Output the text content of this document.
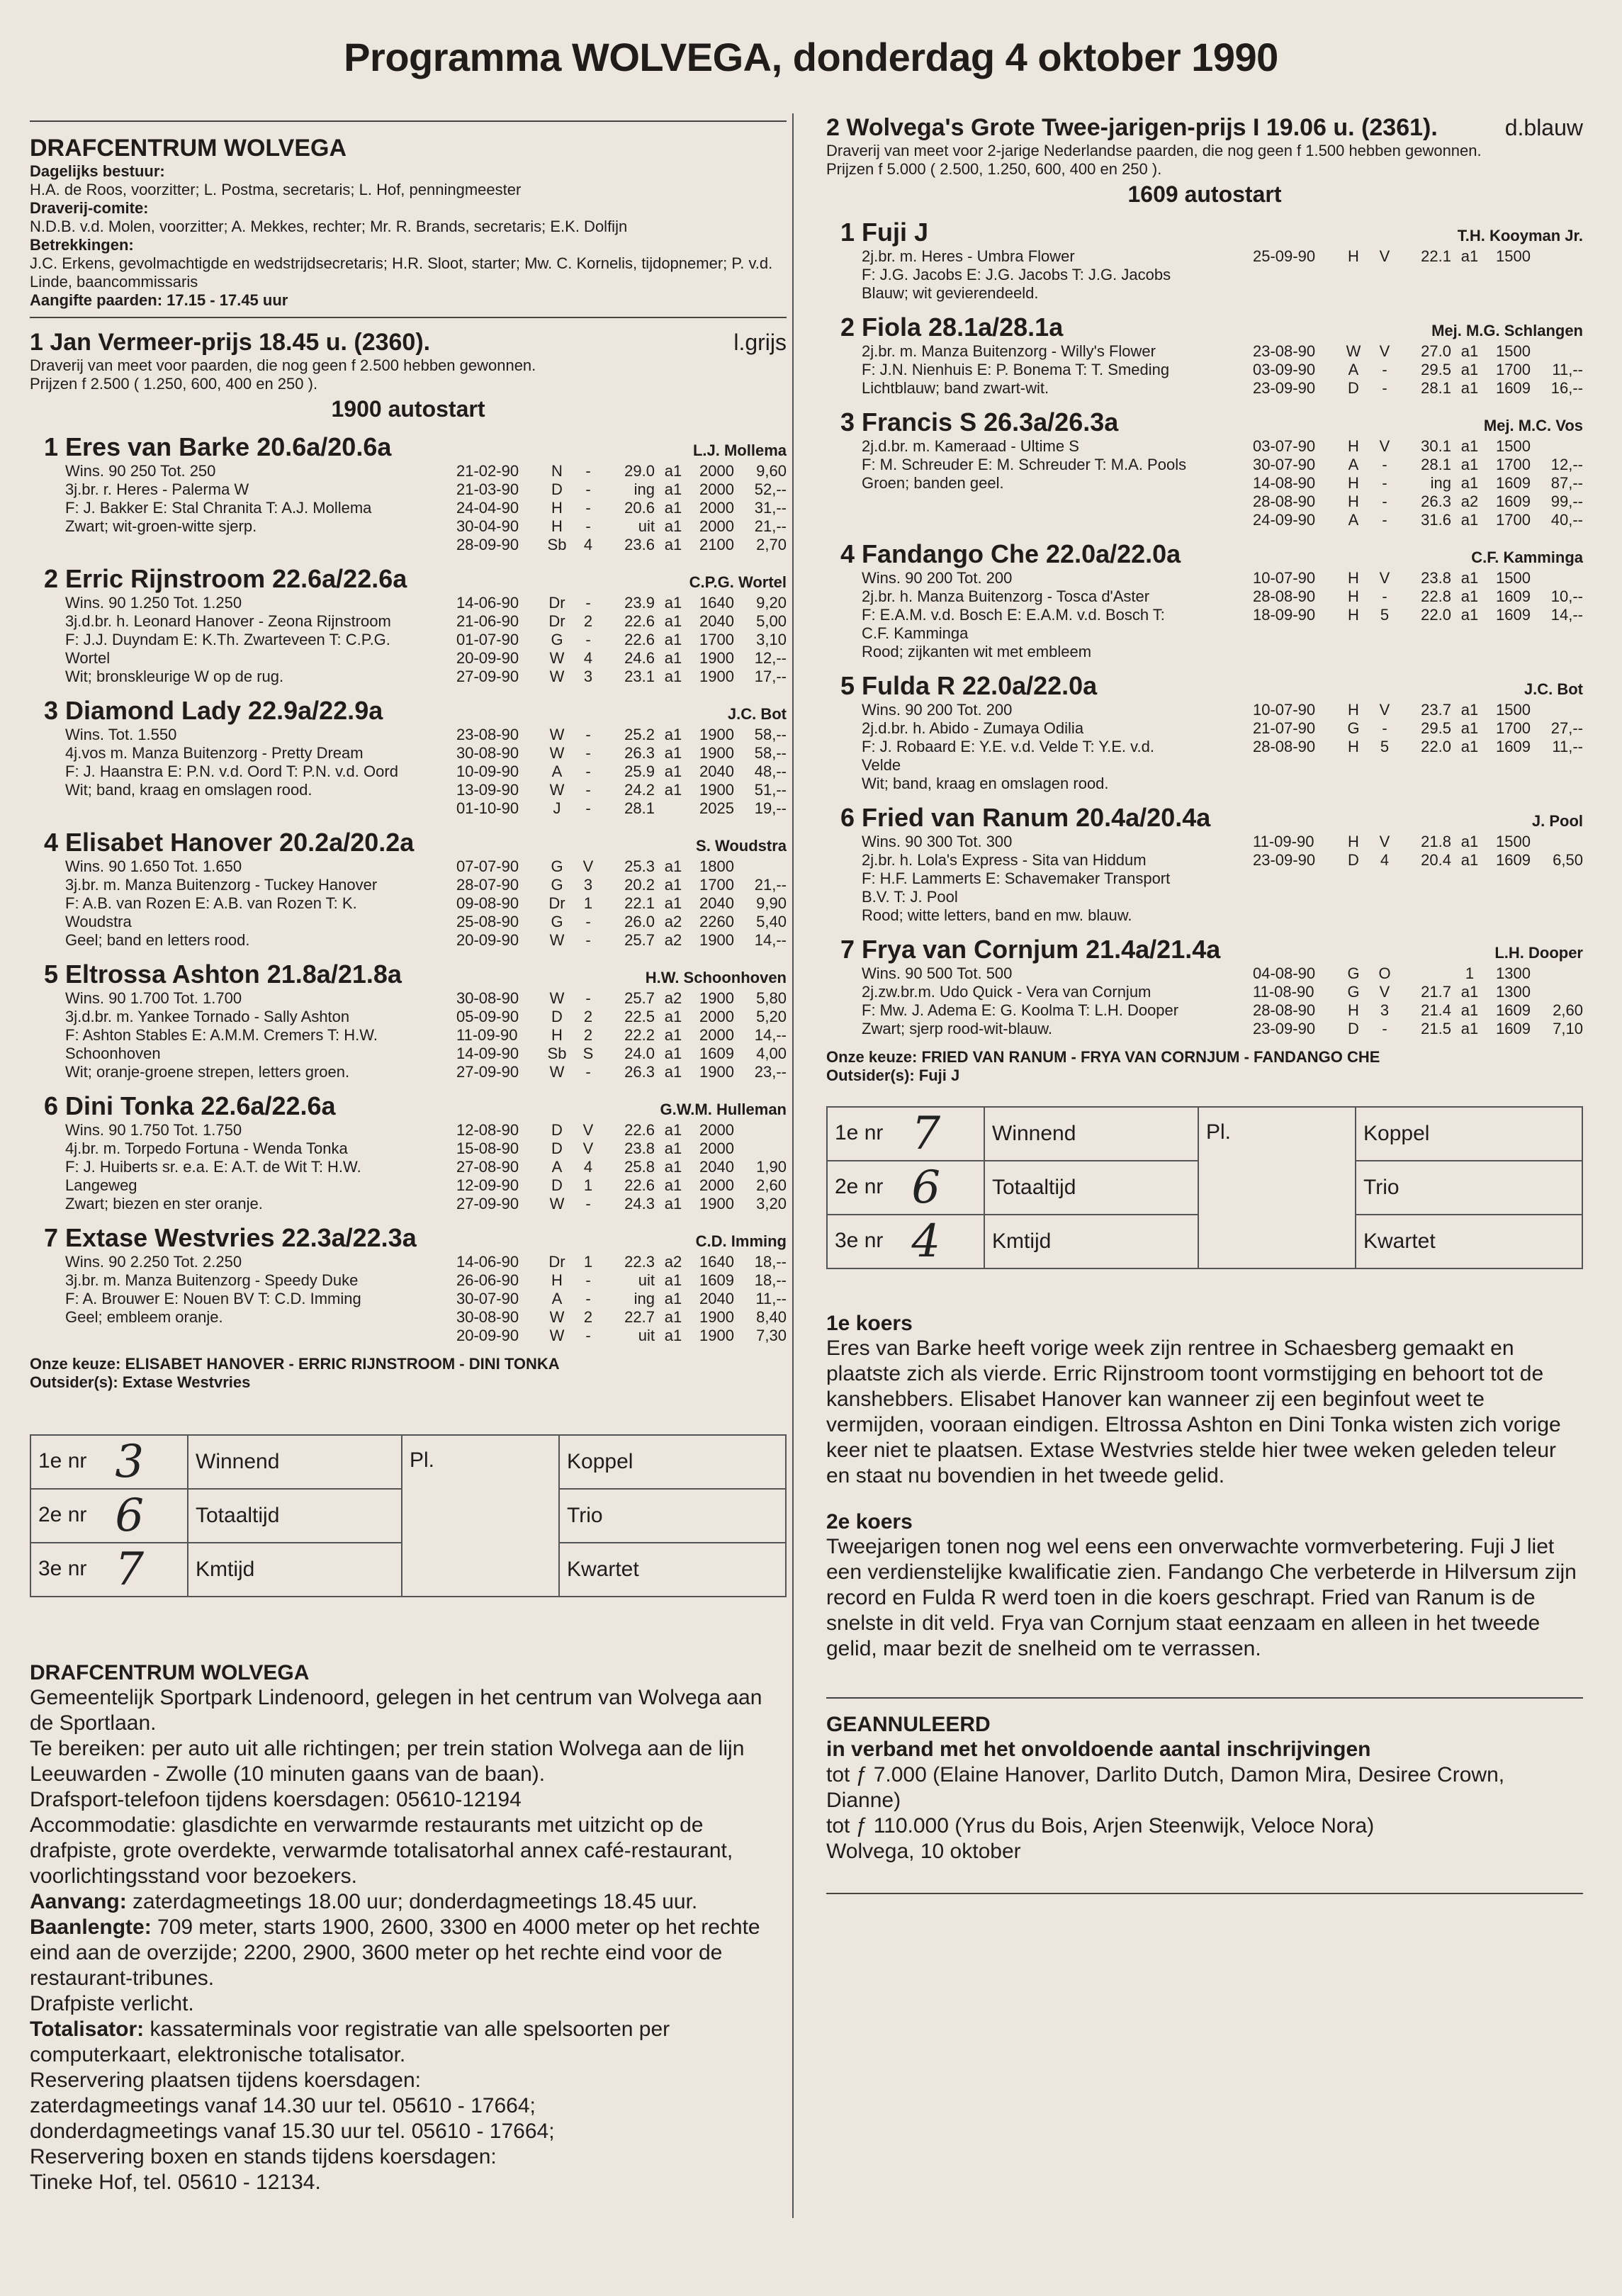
Programma WOLVEGA, donderdag 4 oktober 1990
DRAFCENTRUM WOLVEGA
Dagelijks bestuur:
H.A. de Roos, voorzitter; L. Postma, secretaris; L. Hof, penningmeester
Draverij-comite:
N.D.B. v.d. Molen, voorzitter; A. Mekkes, rechter; Mr. R. Brands, secretaris; E.K. Dolfijn
Betrekkingen:
J.C. Erkens, gevolmachtigde en wedstrijdsecretaris; H.R. Sloot, starter; Mw. C. Kornelis, tijdopnemer; P. v.d. Linde, baancommissaris
Aangifte paarden: 17.15 - 17.45 uur
1 Jan Vermeer-prijs 18.45 u. (2360).	l.grijs
Draverij van meet voor paarden, die nog geen f 2.500 hebben gewonnen.
Prijzen f 2.500 ( 1.250, 600, 400 en 250 ).
1900 autostart
1 Eres van Barke 20.6a/20.6a	L.J. Mollema
Wins. 90 250 Tot. 250
3j.br. r. Heres - Palerma W
F: J. Bakker E: Stal Chranita T: A.J. Mollema
Zwart; wit-groen-witte sjerp.
21-02-90	N	-	29.0 a1	2000	9,60
21-03-90	D	-	ing a1	2000	52,--
24-04-90	H	-	20.6 a1	2000	31,--
30-04-90	H	-	uit a1	2000	21,--
28-09-90	Sb	4	23.6 a1	2100	2,70
2 Erric Rijnstroom 22.6a/22.6a	C.P.G. Wortel
Wins. 90 1.250 Tot. 1.250
3j.d.br. h. Leonard Hanover - Zeona Rijnstroom
F: J.J. Duyndam E: K.Th. Zwarteveen T: C.P.G.
Wortel
Wit; bronskleurige W op de rug.
14-06-90	Dr	-	23.9 a1	1640	9,20
21-06-90	Dr	2	22.6 a1	2040	5,00
01-07-90	G	-	22.6 a1	1700	3,10
20-09-90	W	4	24.6 a1	1900	12,--
27-09-90	W	3	23.1 a1	1900	17,--
3 Diamond Lady 22.9a/22.9a	J.C. Bot
Wins. Tot. 1.550
4j.vos m. Manza Buitenzorg - Pretty Dream
F: J. Haanstra E: P.N. v.d. Oord T: P.N. v.d. Oord
Wit; band, kraag en omslagen rood.
23-08-90	W	-	25.2 a1	1900	58,--
30-08-90	W	-	26.3 a1	1900	58,--
10-09-90	A	-	25.9 a1	2040	48,--
13-09-90	W	-	24.2 a1	1900	51,--
01-10-90	J	-	28.1	2025	19,--
4 Elisabet Hanover 20.2a/20.2a	S. Woudstra
Wins. 90 1.650 Tot. 1.650
3j.br. m. Manza Buitenzorg - Tuckey Hanover
F: A.B. van Rozen E: A.B. van Rozen T: K.
Woudstra
Geel; band en letters rood.
07-07-90	G	V	25.3 a1	1800
28-07-90	G	3	20.2 a1	1700	21,--
09-08-90	Dr	1	22.1 a1	2040	9,90
25-08-90	G	-	26.0 a2	2260	5,40
20-09-90	W	-	25.7 a2	1900	14,--
5 Eltrossa Ashton 21.8a/21.8a	H.W. Schoonhoven
Wins. 90 1.700 Tot. 1.700
3j.d.br. m. Yankee Tornado - Sally Ashton
F: Ashton Stables E: A.M.M. Cremers T: H.W.
Schoonhoven
Wit; oranje-groene strepen, letters groen.
30-08-90	W	-	25.7 a2	1900	5,80
05-09-90	D	2	22.5 a1	2000	5,20
11-09-90	H	2	22.2 a1	2000	14,--
14-09-90	Sb	S	24.0 a1	1609	4,00
27-09-90	W	-	26.3 a1	1900	23,--
6 Dini Tonka 22.6a/22.6a	G.W.M. Hulleman
Wins. 90 1.750 Tot. 1.750
4j.br. m. Torpedo Fortuna - Wenda Tonka
F: J. Huiberts sr. e.a. E: A.T. de Wit T: H.W.
Langeweg
Zwart; biezen en ster oranje.
12-08-90	D	V	22.6 a1	2000
15-08-90	D	V	23.8 a1	2000
27-08-90	A	4	25.8 a1	2040	1,90
12-09-90	D	1	22.6 a1	2000	2,60
27-09-90	W	-	24.3 a1	1900	3,20
7 Extase Westvries 22.3a/22.3a	C.D. Imming
Wins. 90 2.250 Tot. 2.250
3j.br. m. Manza Buitenzorg - Speedy Duke
F: A. Brouwer E: Nouen BV T: C.D. Imming
Geel; embleem oranje.
14-06-90	Dr	1	22.3 a2	1640	18,--
26-06-90	H	-	uit a1	1609	18,--
30-07-90	A	-	ing a1	2040	11,--
30-08-90	W	2	22.7 a1	1900	8,40
20-09-90	W	-	uit a1	1900	7,30
Onze keuze: ELISABET HANOVER - ERRIC RIJNSTROOM - DINI TONKA
Outsider(s): Extase Westvries
1e nr 3	Winnend	Pl.	Koppel
2e nr 6	Totaaltijd		Trio
3e nr 7	Kmtijd		Kwartet
DRAFCENTRUM WOLVEGA
Gemeentelijk Sportpark Lindenoord, gelegen in het centrum van Wolvega aan de Sportlaan.
Te bereiken: per auto uit alle richtingen; per trein station Wolvega aan de lijn Leeuwarden - Zwolle (10 minuten gaans van de baan).
Drafsport-telefoon tijdens koersdagen: 05610-12194
Accommodatie: glasdichte en verwarmde restaurants met uitzicht op de drafpiste, grote overdekte, verwarmde totalisatorhal annex café-restaurant, voorlichtingsstand voor bezoekers.
Aanvang: zaterdagmeetings 18.00 uur; donderdagmeetings 18.45 uur.
Baanlengte: 709 meter, starts 1900, 2600, 3300 en 4000 meter op het rechte eind aan de overzijde; 2200, 2900, 3600 meter op het rechte eind voor de restaurant-tribunes.
Drafpiste verlicht.
Totalisator: kassaterminals voor registratie van alle spelsoorten per computerkaart, elektronische totalisator.
Reservering plaatsen tijdens koersdagen:
zaterdagmeetings vanaf 14.30 uur tel. 05610 - 17664;
donderdagmeetings vanaf 15.30 uur tel. 05610 - 17664;
Reservering boxen en stands tijdens koersdagen:
Tineke Hof, tel. 05610 - 12134.
2 Wolvega's Grote Twee-jarigen-prijs I 19.06 u. (2361).	d.blauw
Draverij van meet voor 2-jarige Nederlandse paarden, die nog geen f 1.500 hebben gewonnen.
Prijzen f 5.000 ( 2.500, 1.250, 600, 400 en 250 ).
1609 autostart
1 Fuji J	T.H. Kooyman Jr.
2j.br. m. Heres - Umbra Flower
F: J.G. Jacobs E: J.G. Jacobs T: J.G. Jacobs
Blauw; wit gevierendeeld.
25-09-90	H	V	22.1 a1	1500
2 Fiola 28.1a/28.1a	Mej. M.G. Schlangen
2j.br. m. Manza Buitenzorg - Willy's Flower
F: J.N. Nienhuis E: P. Bonema T: T. Smeding
Lichtblauw; band zwart-wit.
23-08-90	W	V	27.0 a1	1500
03-09-90	A	-	29.5 a1	1700	11,--
23-09-90	D	-	28.1 a1	1609	16,--
3 Francis S 26.3a/26.3a	Mej. M.C. Vos
2j.d.br. m. Kameraad - Ultime S
F: M. Schreuder E: M. Schreuder T: M.A. Pools
Groen; banden geel.
03-07-90	H	V	30.1 a1	1500
30-07-90	A	-	28.1 a1	1700	12,--
14-08-90	H	-	ing a1	1609	87,--
28-08-90	H	-	26.3 a2	1609	99,--
24-09-90	A	-	31.6 a1	1700	40,--
4 Fandango Che 22.0a/22.0a	C.F. Kamminga
Wins. 90 200 Tot. 200
2j.br. h. Manza Buitenzorg - Tosca d'Aster
F: E.A.M. v.d. Bosch E: E.A.M. v.d. Bosch T:
C.F. Kamminga
Rood; zijkanten wit met embleem
10-07-90	H	V	23.8 a1	1500
28-08-90	H	-	22.8 a1	1609	10,--
18-09-90	H	5	22.0 a1	1609	14,--
5 Fulda R 22.0a/22.0a	J.C. Bot
Wins. 90 200 Tot. 200
2j.d.br. h. Abido - Zumaya Odilia
F: J. Robaard E: Y.E. v.d. Velde T: Y.E. v.d.
Velde
Wit; band, kraag en omslagen rood.
10-07-90	H	V	23.7 a1	1500
21-07-90	G	-	29.5 a1	1700	27,--
28-08-90	H	5	22.0 a1	1609	11,--
6 Fried van Ranum 20.4a/20.4a	J. Pool
Wins. 90 300 Tot. 300
2j.br. h. Lola's Express - Sita van Hiddum
F: H.F. Lammerts E: Schavemaker Transport
B.V. T: J. Pool
Rood; witte letters, band en mw. blauw.
11-09-90	H	V	21.8 a1	1500
23-09-90	D	4	20.4 a1	1609	6,50
7 Frya van Cornjum 21.4a/21.4a	L.H. Dooper
Wins. 90 500 Tot. 500
2j.zw.br.m. Udo Quick - Vera van Cornjum
F: Mw. J. Adema E: G. Koolma T: L.H. Dooper
Zwart; sjerp rood-wit-blauw.
04-08-90	G	O	1	1300
11-08-90	G	V	21.7 a1	1300
28-08-90	H	3	21.4 a1	1609	2,60
23-09-90	D	-	21.5 a1	1609	7,10
Onze keuze: FRIED VAN RANUM - FRYA VAN CORNJUM - FANDANGO CHE
Outsider(s): Fuji J
1e nr 7	Winnend	Pl.	Koppel
2e nr 6	Totaaltijd		Trio
3e nr 4	Kmtijd		Kwartet
1e koers
Eres van Barke heeft vorige week zijn rentree in Schaesberg gemaakt en plaatste zich als vierde. Erric Rijnstroom toont vormstijging en behoort tot de kanshebbers. Elisabet Hanover kan wanneer zij een beginfout weet te vermijden, vooraan eindigen. Eltrossa Ashton en Dini Tonka wisten zich vorige keer niet te plaatsen. Extase Westvries stelde hier twee weken geleden teleur en staat nu bovendien in het tweede gelid.
2e koers
Tweejarigen tonen nog wel eens een onverwachte vormverbetering. Fuji J liet een verdienstelijke kwalificatie zien. Fandango Che verbeterde in Hilversum zijn record en Fulda R werd toen in die koers geschrapt. Fried van Ranum is de snelste in dit veld. Frya van Cornjum staat eenzaam en alleen in het tweede gelid, maar bezit de snelheid om te verrassen.
GEANNULEERD
in verband met het onvoldoende aantal inschrijvingen
tot ƒ 7.000 (Elaine Hanover, Darlito Dutch, Damon Mira, Desiree Crown, Dianne)
tot ƒ 110.000 (Yrus du Bois, Arjen Steenwijk, Veloce Nora)
Wolvega, 10 oktober
